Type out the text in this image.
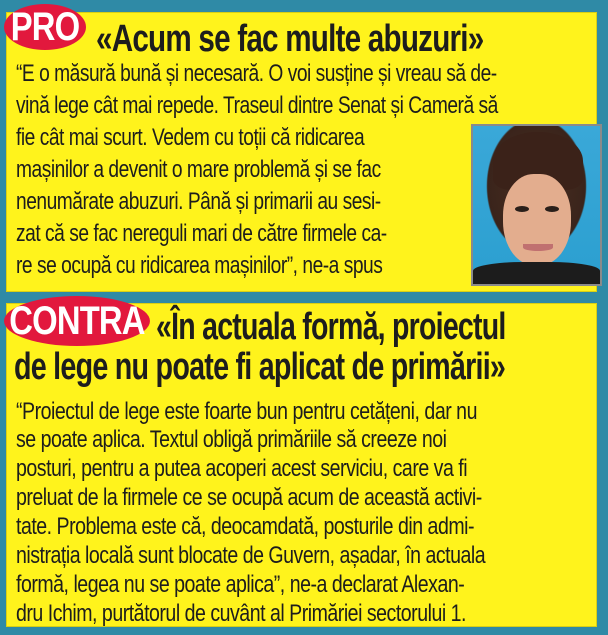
PRO «Acum se fac multe abuzuri»
“E o măsură bună și necesară. O voi susține și vreau să de-
vină lege cât mai repede. Traseul dintre Senat și Cameră să
fie cât mai scurt. Vedem cu toții că ridicarea
mașinilor a devenit o mare problemă și se fac
nenumărate abuzuri. Până și primarii au sesi-
zat că se fac nereguli mari de către firmele ca-
re se ocupă cu ridicarea mașinilor”, ne-a spus
CONTRA «În actuala formă, proiectul
de lege nu poate fi aplicat de primării»
“Proiectul de lege este foarte bun pentru cetățeni, dar nu
se poate aplica. Textul obligă primăriile să creeze noi
posturi, pentru a putea acoperi acest serviciu, care va fi
preluat de la firmele ce se ocupă acum de această activi-
tate. Problema este că, deocamdată, posturile din admi-
nistrația locală sunt blocate de Guvern, așadar, în actuala
formă, legea nu se poate aplica”, ne-a declarat Alexan-
dru Ichim, purtătorul de cuvânt al Primăriei sectorului 1.
